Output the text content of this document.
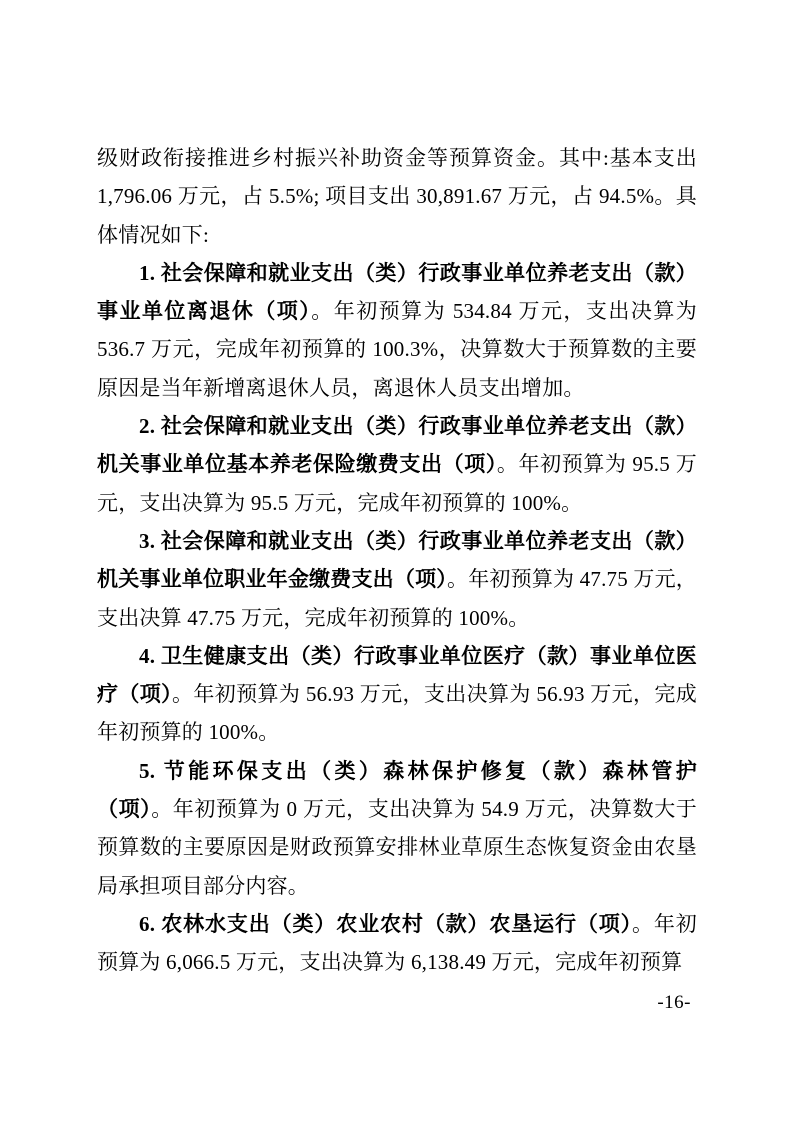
级财政衔接推进乡村振兴补助资金等预算资金。其中:基本支出 1,796.06 万元，占 5.5%; 项目支出 30,891.67 万元，占 94.5%。具体情况如下:

1. 社会保障和就业支出（类）行政事业单位养老支出（款）事业单位离退休（项）。年初预算为 534.84 万元，支出决算为 536.7 万元，完成年初预算的 100.3%，决算数大于预算数的主要原因是当年新增离退休人员，离退休人员支出增加。

2. 社会保障和就业支出（类）行政事业单位养老支出（款）机关事业单位基本养老保险缴费支出（项）。年初预算为 95.5 万元，支出决算为 95.5 万元，完成年初预算的 100%。

3. 社会保障和就业支出（类）行政事业单位养老支出（款）机关事业单位职业年金缴费支出（项）。年初预算为 47.75 万元，支出决算 47.75 万元，完成年初预算的 100%。

4. 卫生健康支出（类）行政事业单位医疗（款）事业单位医疗（项）。年初预算为 56.93 万元，支出决算为 56.93 万元，完成年初预算的 100%。

5. 节能环保支出（类）森林保护修复（款）森林管护（项）。年初预算为 0 万元，支出决算为 54.9 万元，决算数大于预算数的主要原因是财政预算安排林业草原生态恢复资金由农垦局承担项目部分内容。

6. 农林水支出（类）农业农村（款）农垦运行（项）。年初预算为 6,066.5 万元，支出决算为 6,138.49 万元，完成年初预算

-16-
